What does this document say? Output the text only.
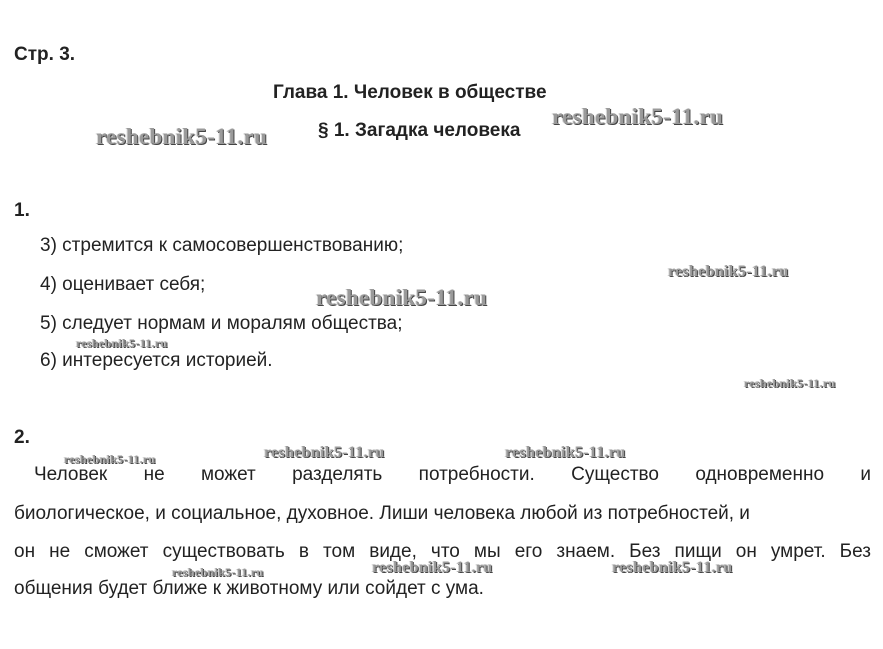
Стр. 3.
Глава 1. Человек в обществе
§ 1. Загадка человека
1.
3) стремится к самосовершенствованию;
4) оценивает себя;
5) следует нормам и моралям общества;
6) интересуется историей.
2.
Человек не может разделять потребности. Существо одновременно и
биологическое, и социальное, духовное. Лиши человека любой из потребностей, и
он не сможет существовать в том виде, что мы его знаем. Без пищи он умрет. Без
общения будет ближе к животному или сойдет с ума.
reshebnik5-11.ru
reshebnik5-11.ru
reshebnik5-11.ru
reshebnik5-11.ru
reshebnik5-11.ru
reshebnik5-11.ru
reshebnik5-11.ru	reshebnik5-11.ru	reshebnik5-11.ru
reshebnik5-11.ru	reshebnik5-11.ru	reshebnik5-11.ru
